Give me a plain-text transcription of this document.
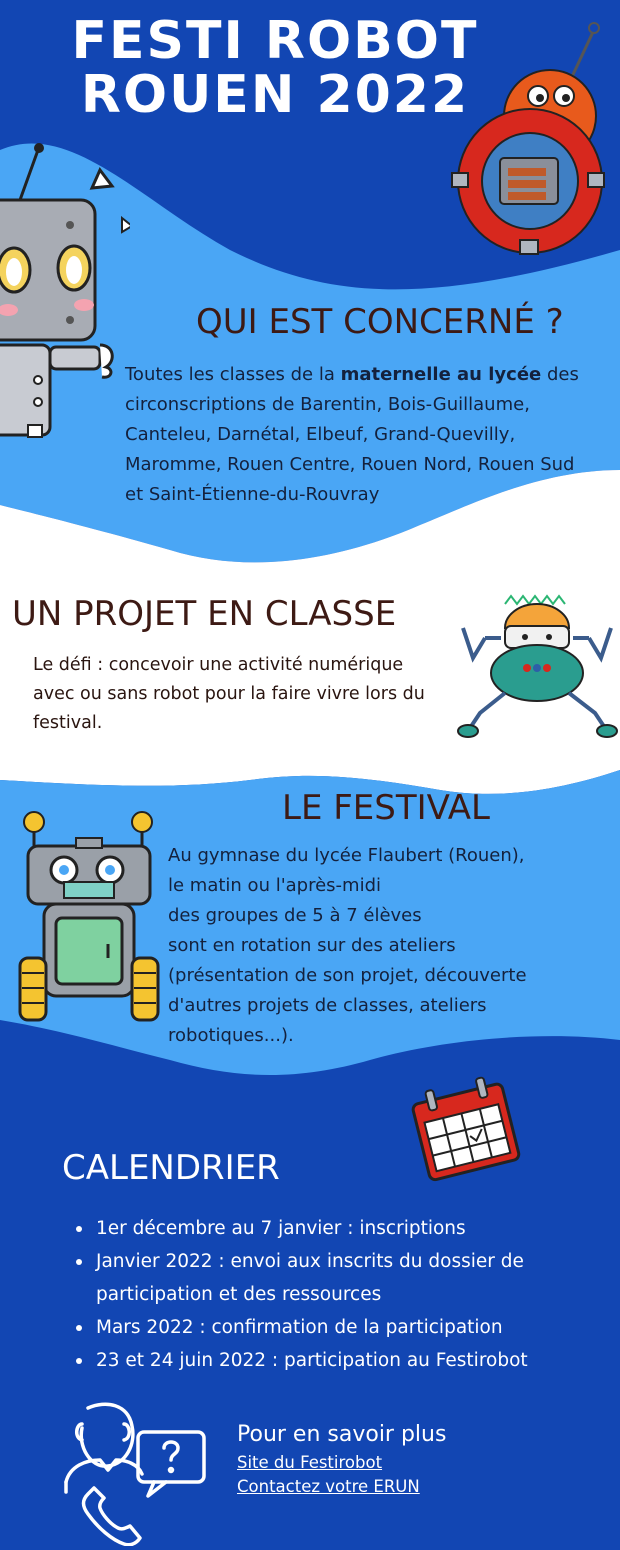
FESTI ROBOT
ROUEN 2022
QUI EST CONCERNÉ ?
Toutes les classes de la maternelle au lycée des circonscriptions de Barentin, Bois-Guillaume, Canteleu, Darnétal, Elbeuf, Grand-Quevilly, Maromme, Rouen Centre, Rouen Nord, Rouen Sud et Saint-Étienne-du-Rouvray
UN PROJET EN CLASSE
Le défi : concevoir une activité numérique avec ou sans robot pour la faire vivre lors du festival.
LE FESTIVAL
Au gymnase du lycée Flaubert (Rouen),
le matin ou l'après-midi
des groupes de 5 à 7 élèves
sont en rotation sur des ateliers
(présentation de son projet, découverte
d'autres projets de classes, ateliers
robotiques...).
CALENDRIER
1er décembre au 7 janvier : inscriptions
Janvier 2022 : envoi aux inscrits du dossier de participation et des ressources
Mars 2022 : confirmation de la participation
23 et 24 juin 2022 : participation au Festirobot
Pour en savoir plus
Site du Festirobot
Contactez votre ERUN
